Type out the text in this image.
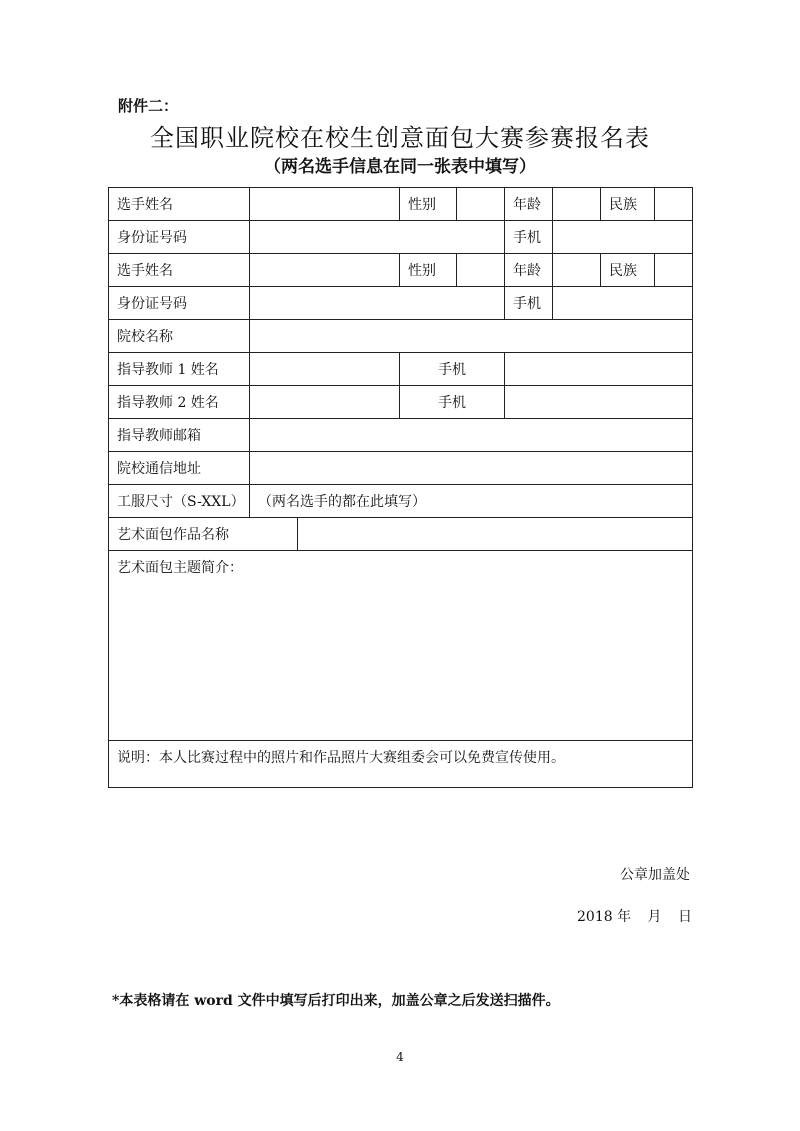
附件二：
全国职业院校在校生创意面包大赛参赛报名表
（两名选手信息在同一张表中填写）
选手姓名			性别		年龄		民族	
身份证号码					手机			
选手姓名			性别		年龄		民族	
身份证号码					手机			
院校名称								
指导教师 1 姓名			手机					
指导教师 2 姓名			手机					
指导教师邮箱								
院校通信地址								
工服尺寸（S-XXL）	（两名选手的都在此填写）							
艺术面包作品名称								
艺术面包主题简介：								
说明：本人比赛过程中的照片和作品照片大赛组委会可以免费宣传使用。								
公章加盖处
2018 年 月 日
*本表格请在 word 文件中填写后打印出来，加盖公章之后发送扫描件。
4
